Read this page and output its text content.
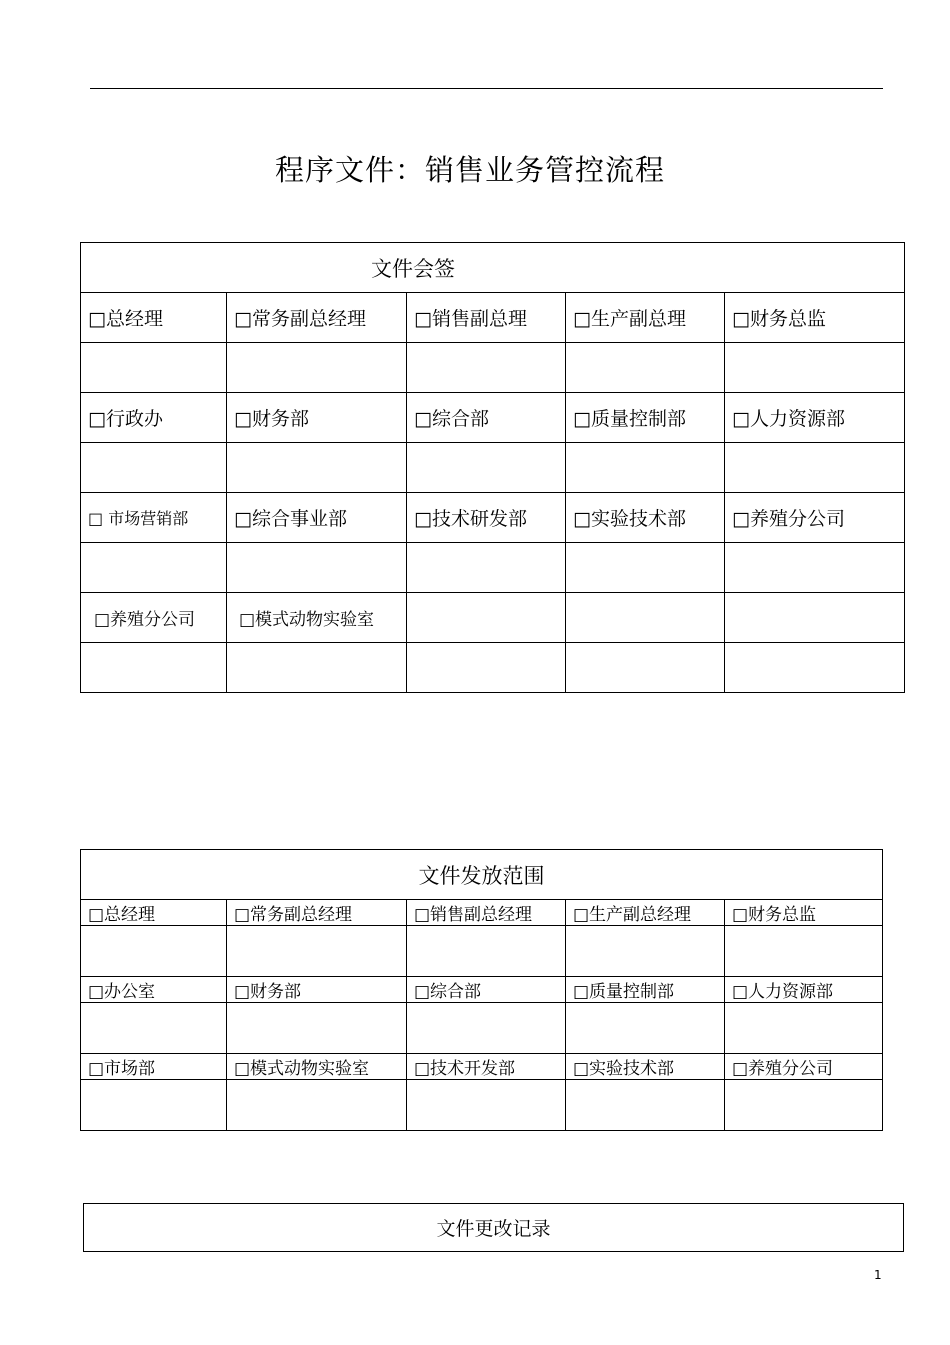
程序文件：销售业务管控流程
文件会签				
□总经理	□常务副总经理	□销售副总理	□生产副总理	□财务总监

□行政办	□财务部	□综合部	□质量控制部	□人力资源部

□ 市场营销部	□综合事业部	□技术研发部	□实验技术部	□养殖分公司

□养殖分公司	□模式动物实验室			

文件发放范围				
□总经理	□常务副总经理	□销售副总经理	□生产副总经理	□财务总监

□办公室	□财务部	□综合部	□质量控制部	□人力资源部

□市场部	□模式动物实验室	□技术开发部	□实验技术部	□养殖分公司

文件更改记录
1
